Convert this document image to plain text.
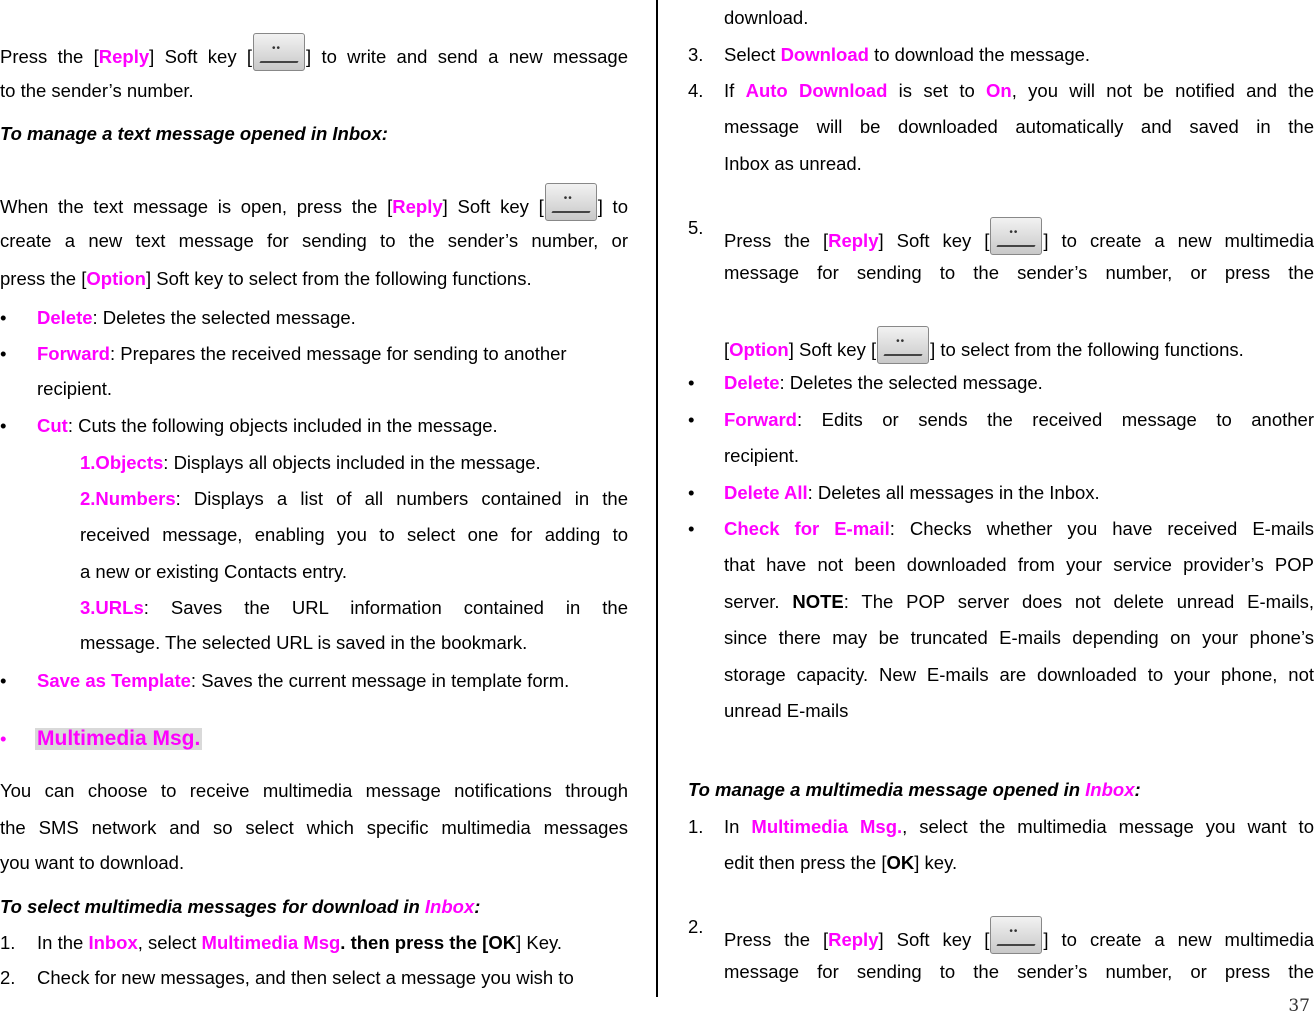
Press the [Reply] Soft key [ ••	] to write and send a new message
to the sender’s number.
To manage a text message opened in Inbox:
When the text message is open, press the [Reply] Soft key [ ••	] to
create a new text message for sending to the sender’s number, or
press the [Option] Soft key to select from the following functions.
• Delete: Deletes the selected message.
• Forward: Prepares the received message for sending to another
recipient.
• Cut: Cuts the following objects included in the message.
1.Objects: Displays all objects included in the message.
2.Numbers: Displays a list of all numbers contained in the
received message, enabling you to select one for adding to
a new or existing Contacts entry.
3.URLs: Saves the URL information contained in the
message. The selected URL is saved in the bookmark.
• Save as Template: Saves the current message in template form.
• Multimedia Msg.
You can choose to receive multimedia message notifications through
the SMS network and so select which specific multimedia messages
you want to download.
To select multimedia messages for download in Inbox:
1. In the Inbox, select Multimedia Msg. then press the [OK] Key.
2. Check for new messages, and then select a message you wish to
download.
3. Select Download to download the message.
4. If Auto Download is set to On, you will not be notified and the
message will be downloaded automatically and saved in the
Inbox as unread.
5.
Press the [Reply] Soft key [ ••	] to create a new multimedia
message for sending to the sender’s number, or press the
[Option] Soft key [ ••	] to select from the following functions.
• Delete: Deletes the selected message.
• Forward: Edits or sends the received message to another
recipient.
• Delete All: Deletes all messages in the Inbox.
• Check for E-mail: Checks whether you have received E-mails
that have not been downloaded from your service provider’s POP
server. NOTE: The POP server does not delete unread E-mails,
since there may be truncated E-mails depending on your phone’s
storage capacity. New E-mails are downloaded to your phone, not
unread E-mails
To manage a multimedia message opened in Inbox:
1. In Multimedia Msg., select the multimedia message you want to
edit then press the [OK] key.
2.
Press the [Reply] Soft key [ ••	] to create a new multimedia
message for sending to the sender’s number, or press the
37
